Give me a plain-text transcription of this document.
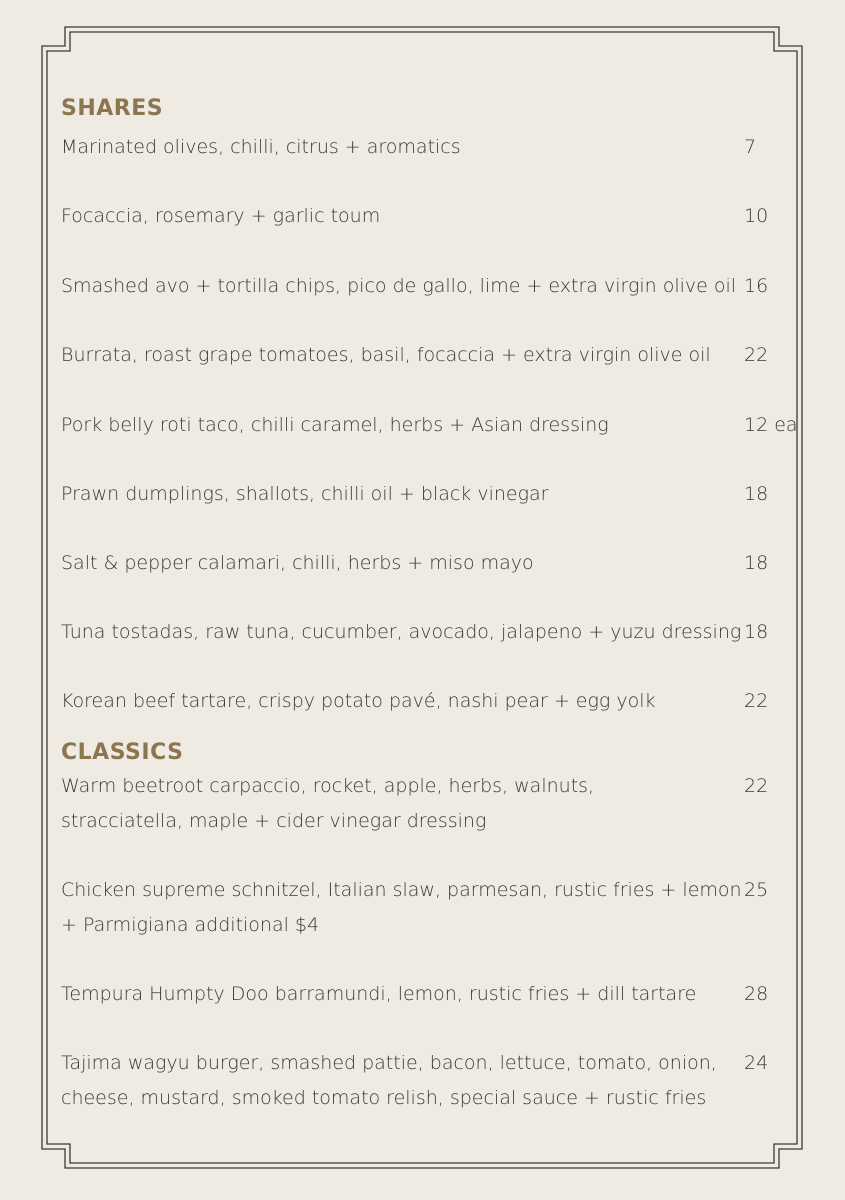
SHARES
Marinated olives, chilli, citrus + aromatics	7
Focaccia, rosemary + garlic toum	10
Smashed avo + tortilla chips, pico de gallo, lime + extra virgin olive oil 16
Burrata, roast grape tomatoes, basil, focaccia + extra virgin olive oil	22
Pork belly roti taco, chilli caramel, herbs + Asian dressing	12 ea
Prawn dumplings, shallots, chilli oil + black vinegar	18
Salt & pepper calamari, chilli, herbs + miso mayo	18
Tuna tostadas, raw tuna, cucumber, avocado, jalapeno + yuzu dressing 18
Korean beef tartare, crispy potato pavé, nashi pear + egg yolk	22
CLASSICS
Warm beetroot carpaccio, rocket, apple, herbs, walnuts,
stracciatella, maple + cider vinegar dressing
22
Chicken supreme schnitzel, Italian slaw, parmesan, rustic fries + lemon
+ Parmigiana additional $4
25
Tempura Humpty Doo barramundi, lemon, rustic fries + dill tartare	28
Tajima wagyu burger, smashed pattie, bacon, lettuce, tomato, onion,
cheese, mustard, smoked tomato relish, special sauce + rustic fries
24
